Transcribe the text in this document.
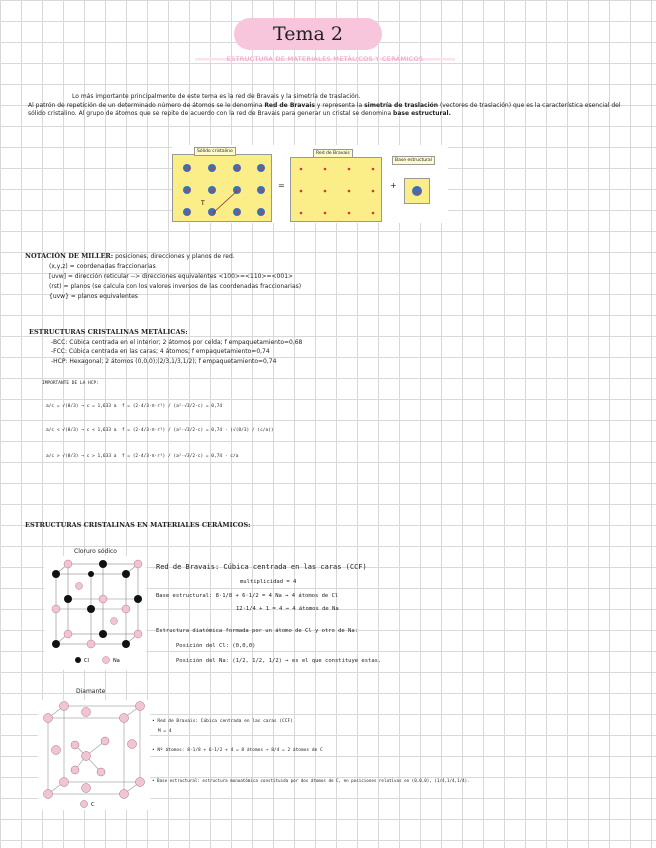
Tema 2
ESTRUCTURA DE MATERIALES METÁLICOS Y CERÁMICOS

Lo más importante principalmente de este tema es la red de Bravais y la simetría de traslación.

Al patrón de repetición de un determinado número de átomos se le denomina Red de Bravais y representa la simetría de traslación (vectores de traslación) que es la característica esencial del sólido cristalino. Al grupo de átomos que se repite de acuerdo con la red de Bravais para generar un cristal se denomina base estructural.

T
Sólido cristalino
=
Red de Bravais
+
Base estructural
NOTACIÓN DE MILLER: posiciones, direcciones y planos de red.
(x,y,z) = coordenadas fraccionarias
[uvw] = dirección reticular --> direcciones equivalentes <100>=<110>=<001>
(rst) = planos (se calcula con los valores inversos de las coordenadas fraccionarias)
{uvw} = planos equivalentes
ESTRUCTURAS CRISTALINAS METÁLICAS:
-BCC: Cúbica centrada en el interior; 2 átomos por celda; f empaquetamiento=0,68
-FCC: Cúbica centrada en las caras; 4 átomos; f empaquetamiento=0,74
-HCP: Hexagonal; 2 átomos (0,0,0);(2/3,1/3,1/2); f empaquetamiento=0,74
IMPORTANTE DE LA HCP:
a/c = √(8/3) → c = 1,633 a f = (2·4/3·π·r³) / (a²·√3/2·c) = 0,74
a/c < √(8/3) → c < 1,633 a f = (2·4/3·π·r³) / (a²·√3/2·c) = 0,74 · (√(8/3) / (c/a))
a/c > √(8/3) → c > 1,633 a f = (2·4/3·π·r³) / (a²·√3/2·c) = 0,74 · c/a
ESTRUCTURAS CRISTALINAS EN MATERIALES CERÁMICOS:
Cloruro sódico
Cl	Na
Red de Bravais: Cúbica centrada en las caras (CCF)
multiplicidad = 4
Base estructural: 8·1/8 + 6·1/2 = 4 Na → 4 átomos de Cl
12·1/4 + 1 = 4 → 4 átomos de Na
Estructura diatómica formada por un átomo de Cl y otro de Na:
Posición del Cl: (0,0,0)
Posición del Na: (1/2, 1/2, 1/2) → es el que constituye estas.
Diamante
C
• Red de Bravais: Cúbica centrada en las caras (CCF)
M = 4
• Nº átomos: 8·1/8 + 6·1/2 + 4 = 8 átomos → 8/4 = 2 átomos de C
• Base estructural: estructura monoatómica constituida por dos átomos de C, en posiciones relativas en (0,0,0), (1/4,1/4,1/4).
